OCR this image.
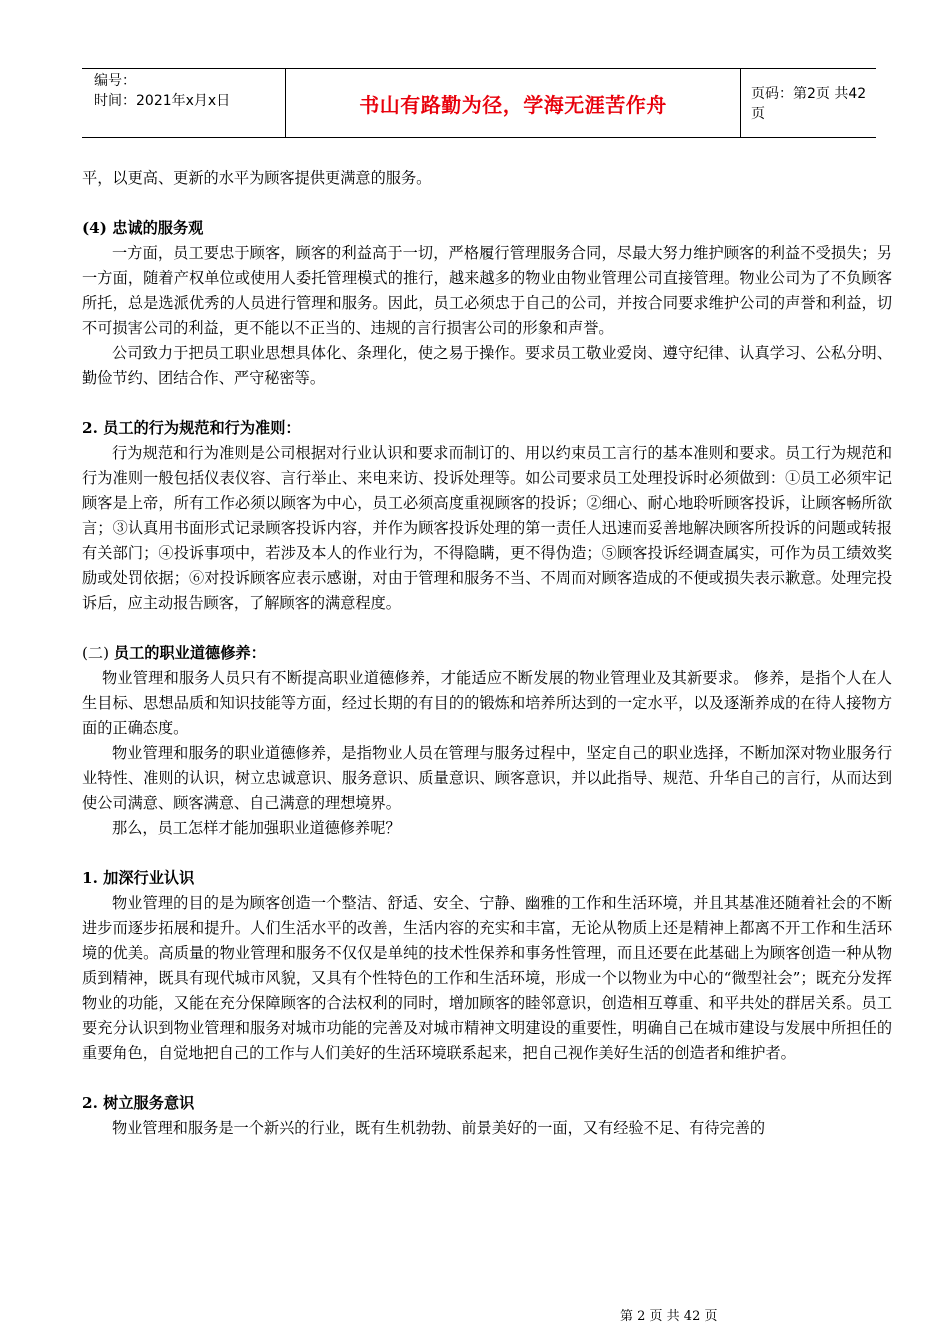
编号：
时间：2021年x月x日	书山有路勤为径，学海无涯苦作舟	页码：第2页 共42页

平，以更高、更新的水平为顾客提供更满意的服务。

(4) 忠诚的服务观

一方面，员工要忠于顾客，顾客的利益高于一切，严格履行管理服务合同，尽最大努力维护顾客的利益不受损失；另一方面，随着产权单位或使用人委托管理模式的推行，越来越多的物业由物业管理公司直接管理。物业公司为了不负顾客所托，总是选派优秀的人员进行管理和服务。因此，员工必须忠于自己的公司，并按合同要求维护公司的声誉和利益，切不可损害公司的利益，更不能以不正当的、违规的言行损害公司的形象和声誉。

公司致力于把员工职业思想具体化、条理化，使之易于操作。要求员工敬业爱岗、遵守纪律、认真学习、公私分明、勤俭节约、团结合作、严守秘密等。

2. 员工的行为规范和行为准则：

行为规范和行为准则是公司根据对行业认识和要求而制订的、用以约束员工言行的基本准则和要求。员工行为规范和行为准则一般包括仪表仪容、言行举止、来电来访、投诉处理等。如公司要求员工处理投诉时必须做到：①员工必须牢记顾客是上帝，所有工作必须以顾客为中心，员工必须高度重视顾客的投诉；②细心、耐心地聆听顾客投诉，让顾客畅所欲言；③认真用书面形式记录顾客投诉内容，并作为顾客投诉处理的第一责任人迅速而妥善地解决顾客所投诉的问题或转报有关部门；④投诉事项中，若涉及本人的作业行为，不得隐瞒，更不得伪造；⑤顾客投诉经调查属实，可作为员工绩效奖励或处罚依据；⑥对投诉顾客应表示感谢，对由于管理和服务不当、不周而对顾客造成的不便或损失表示歉意。处理完投诉后，应主动报告顾客，了解顾客的满意程度。

(二) 员工的职业道德修养：

物业管理和服务人员只有不断提高职业道德修养，才能适应不断发展的物业管理业及其新要求。 修养，是指个人在人生目标、思想品质和知识技能等方面，经过长期的有目的的锻炼和培养所达到的一定水平，以及逐渐养成的在待人接物方面的正确态度。

物业管理和服务的职业道德修养，是指物业人员在管理与服务过程中，坚定自己的职业选择，不断加深对物业服务行业特性、准则的认识，树立忠诚意识、服务意识、质量意识、顾客意识，并以此指导、规范、升华自己的言行，从而达到使公司满意、顾客满意、自己满意的理想境界。

那么，员工怎样才能加强职业道德修养呢？

1. 加深行业认识

物业管理的目的是为顾客创造一个整洁、舒适、安全、宁静、幽雅的工作和生活环境，并且其基准还随着社会的不断进步而逐步拓展和提升。人们生活水平的改善，生活内容的充实和丰富，无论从物质上还是精神上都离不开工作和生活环境的优美。高质量的物业管理和服务不仅仅是单纯的技术性保养和事务性管理，而且还要在此基础上为顾客创造一种从物质到精神，既具有现代城市风貌，又具有个性特色的工作和生活环境，形成一个以物业为中心的“微型社会”；既充分发挥物业的功能，又能在充分保障顾客的合法权利的同时，增加顾客的睦邻意识，创造相互尊重、和平共处的群居关系。员工要充分认识到物业管理和服务对城市功能的完善及对城市精神文明建设的重要性，明确自己在城市建设与发展中所担任的重要角色，自觉地把自己的工作与人们美好的生活环境联系起来，把自己视作美好生活的创造者和维护者。

2. 树立服务意识

物业管理和服务是一个新兴的行业，既有生机勃勃、前景美好的一面，又有经验不足、有待完善的

第 2 页 共 42 页
